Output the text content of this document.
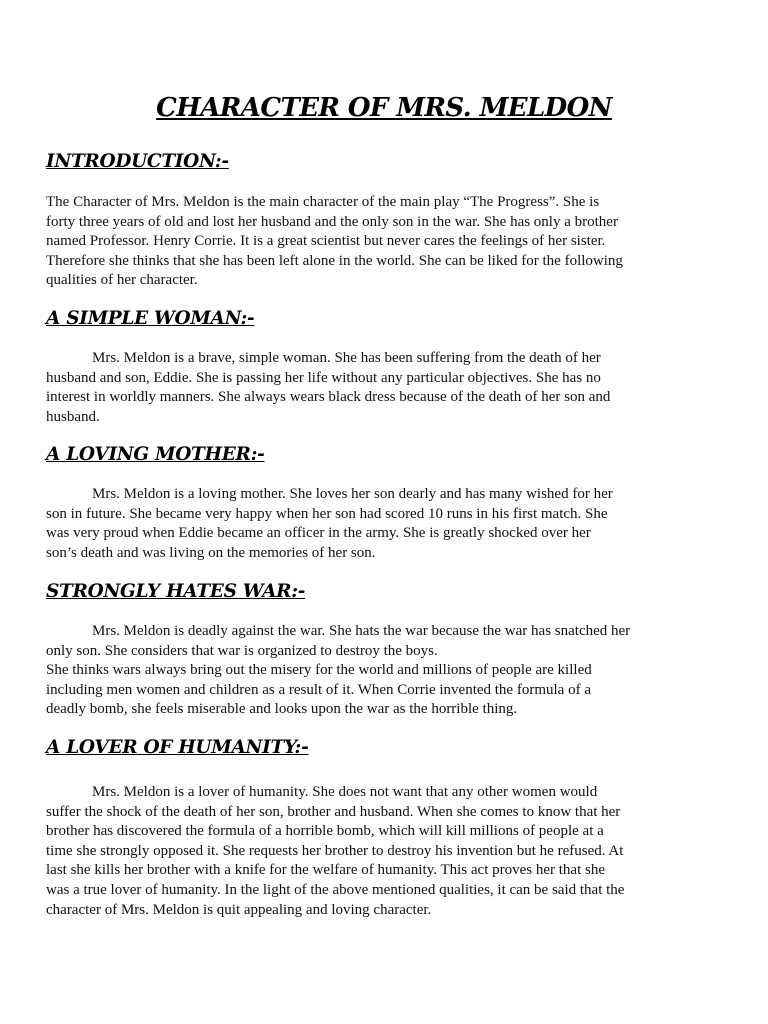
CHARACTER OF MRS. MELDON
INTRODUCTION:-
The Character of Mrs. Meldon is the main character of the main play “The Progress”. She is
forty three years of old and lost her husband and the only son in the war. She has only a brother
named Professor. Henry Corrie. It is a great scientist but never cares the feelings of her sister.
Therefore she thinks that she has been left alone in the world. She can be liked for the following
qualities of her character.
A SIMPLE WOMAN:-
Mrs. Meldon is a brave, simple woman. She has been suffering from the death of her
husband and son, Eddie. She is passing her life without any particular objectives. She has no
interest in worldly manners. She always wears black dress because of the death of her son and
husband.
A LOVING MOTHER:-
Mrs. Meldon is a loving mother. She loves her son dearly and has many wished for her
son in future. She became very happy when her son had scored 10 runs in his first match. She
was very proud when Eddie became an officer in the army. She is greatly shocked over her
son’s death and was living on the memories of her son.
STRONGLY HATES WAR:-
Mrs. Meldon is deadly against the war. She hats the war because the war has snatched her
only son. She considers that war is organized to destroy the boys.
She thinks wars always bring out the misery for the world and millions of people are killed
including men women and children as a result of it. When Corrie invented the formula of a
deadly bomb, she feels miserable and looks upon the war as the horrible thing.
A LOVER OF HUMANITY:-
Mrs. Meldon is a lover of humanity. She does not want that any other women would
suffer the shock of the death of her son, brother and husband. When she comes to know that her
brother has discovered the formula of a horrible bomb, which will kill millions of people at a
time she strongly opposed it. She requests her brother to destroy his invention but he refused. At
last she kills her brother with a knife for the welfare of humanity. This act proves her that she
was a true lover of humanity. In the light of the above mentioned qualities, it can be said that the
character of Mrs. Meldon is quit appealing and loving character.
